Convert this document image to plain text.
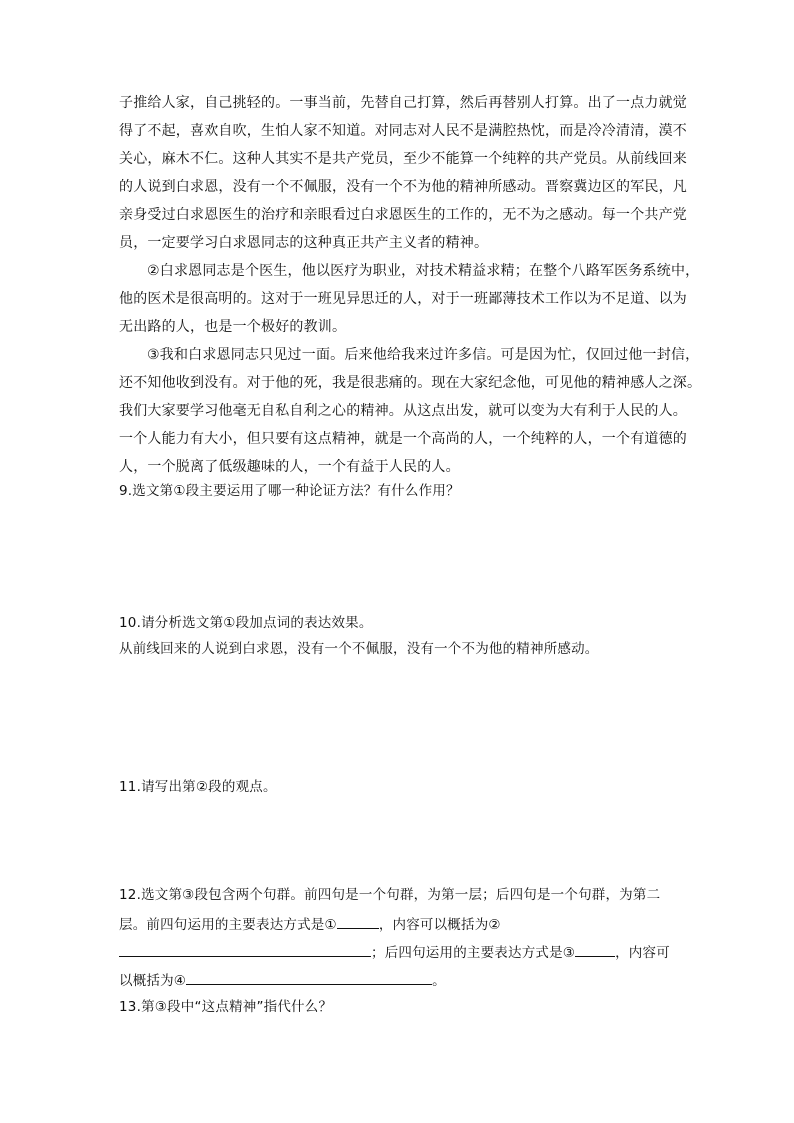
子推给人家，自己挑轻的。一事当前，先替自己打算，然后再替别人打算。出了一点力就觉
得了不起，喜欢自吹，生怕人家不知道。对同志对人民不是满腔热忱，而是冷冷清清，漠不
关心，麻木不仁。这种人其实不是共产党员，至少不能算一个纯粹的共产党员。从前线回来
的人说到白求恩，没有一个不佩服，没有一个不为他的精神所感动。晋察冀边区的军民，凡
亲身受过白求恩医生的治疗和亲眼看过白求恩医生的工作的，无不为之感动。每一个共产党
员，一定要学习白求恩同志的这种真正共产主义者的精神。
②白求恩同志是个医生，他以医疗为职业，对技术精益求精；在整个八路军医务系统中，
他的医术是很高明的。这对于一班见异思迁的人，对于一班鄙薄技术工作以为不足道、以为
无出路的人，也是一个极好的教训。
③我和白求恩同志只见过一面。后来他给我来过许多信。可是因为忙，仅回过他一封信，
还不知他收到没有。对于他的死，我是很悲痛的。现在大家纪念他，可见他的精神感人之深。
我们大家要学习他毫无自私自利之心的精神。从这点出发，就可以变为大有利于人民的人。
一个人能力有大小，但只要有这点精神，就是一个高尚的人，一个纯粹的人，一个有道德的
人，一个脱离了低级趣味的人，一个有益于人民的人。
9.选文第①段主要运用了哪一种论证方法？有什么作用？
10.请分析选文第①段加点词的表达效果。
从前线回来的人说到白求恩，没有一个不佩服，没有一个不为他的精神所感动。
11.请写出第②段的观点。
12.选文第③段包含两个句群。前四句是一个句群，为第一层；后四句是一个句群，为第二
层。前四句运用的主要表达方式是①	，内容可以概括为②
；后四句运用的主要表达方式是③	，内容可
以概括为④	。
13.第③段中“这点精神”指代什么？
